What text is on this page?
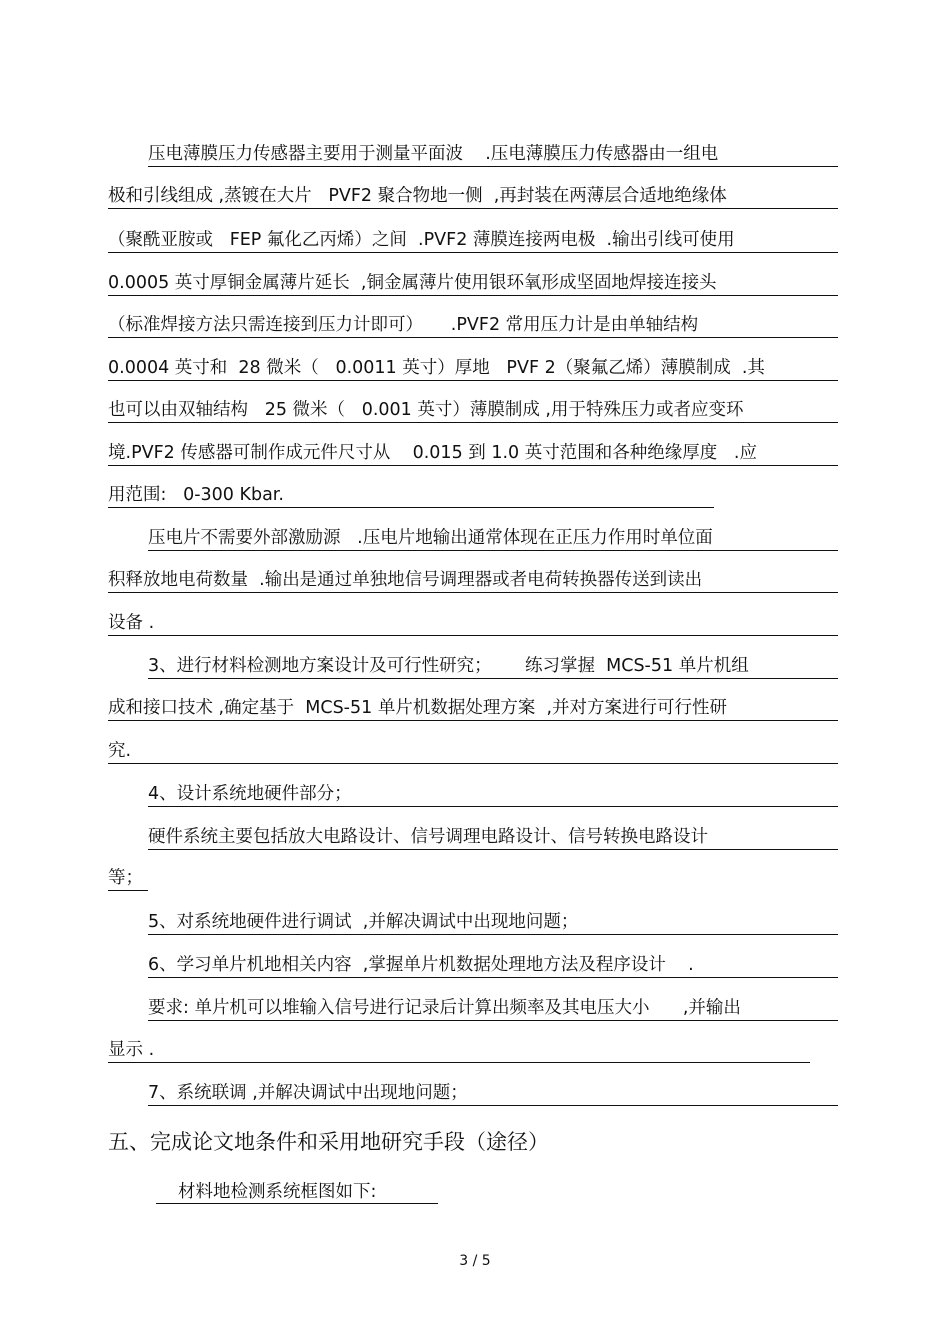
压电薄膜压力传感器主要用于测量平面波    .压电薄膜压力传感器由一组电
极和引线组成 ,蒸镀在大片   PVF2 聚合物地一侧  ,再封装在两薄层合适地绝缘体
（聚酰亚胺或   FEP 氟化乙丙烯）之间  .PVF2 薄膜连接两电极  .输出引线可使用
0.0005 英寸厚铜金属薄片延长  ,铜金属薄片使用银环氧形成坚固地焊接连接头
（标准焊接方法只需连接到压力计即可）     .PVF2 常用压力计是由单轴结构
0.0004 英寸和  28 微米（   0.0011 英寸）厚地   PVF 2（聚氟乙烯）薄膜制成  .其
也可以由双轴结构   25 微米（   0.001 英寸）薄膜制成 ,用于特殊压力或者应变环
境.PVF2 传感器可制作成元件尺寸从    0.015 到 1.0 英寸范围和各种绝缘厚度   .应
用范围:   0-300 Kbar.
压电片不需要外部激励源   .压电片地输出通常体现在正压力作用时单位面
积释放地电荷数量  .输出是通过单独地信号调理器或者电荷转换器传送到读出
设备 .
3、进行材料检测地方案设计及可行性研究；      练习掌握  MCS-51 单片机组
成和接口技术 ,确定基于  MCS-51 单片机数据处理方案  ,并对方案进行可行性研
究.
4、设计系统地硬件部分；
硬件系统主要包括放大电路设计、信号调理电路设计、信号转换电路设计
等；
5、对系统地硬件进行调试  ,并解决调试中出现地问题；
6、学习单片机地相关内容  ,掌握单片机数据处理地方法及程序设计    .
要求: 单片机可以堆输入信号进行记录后计算出频率及其电压大小      ,并输出
显示 .
7、系统联调 ,并解决调试中出现地问题；
五、完成论文地条件和采用地研究手段（途径）
材料地检测系统框图如下:
3 / 5
